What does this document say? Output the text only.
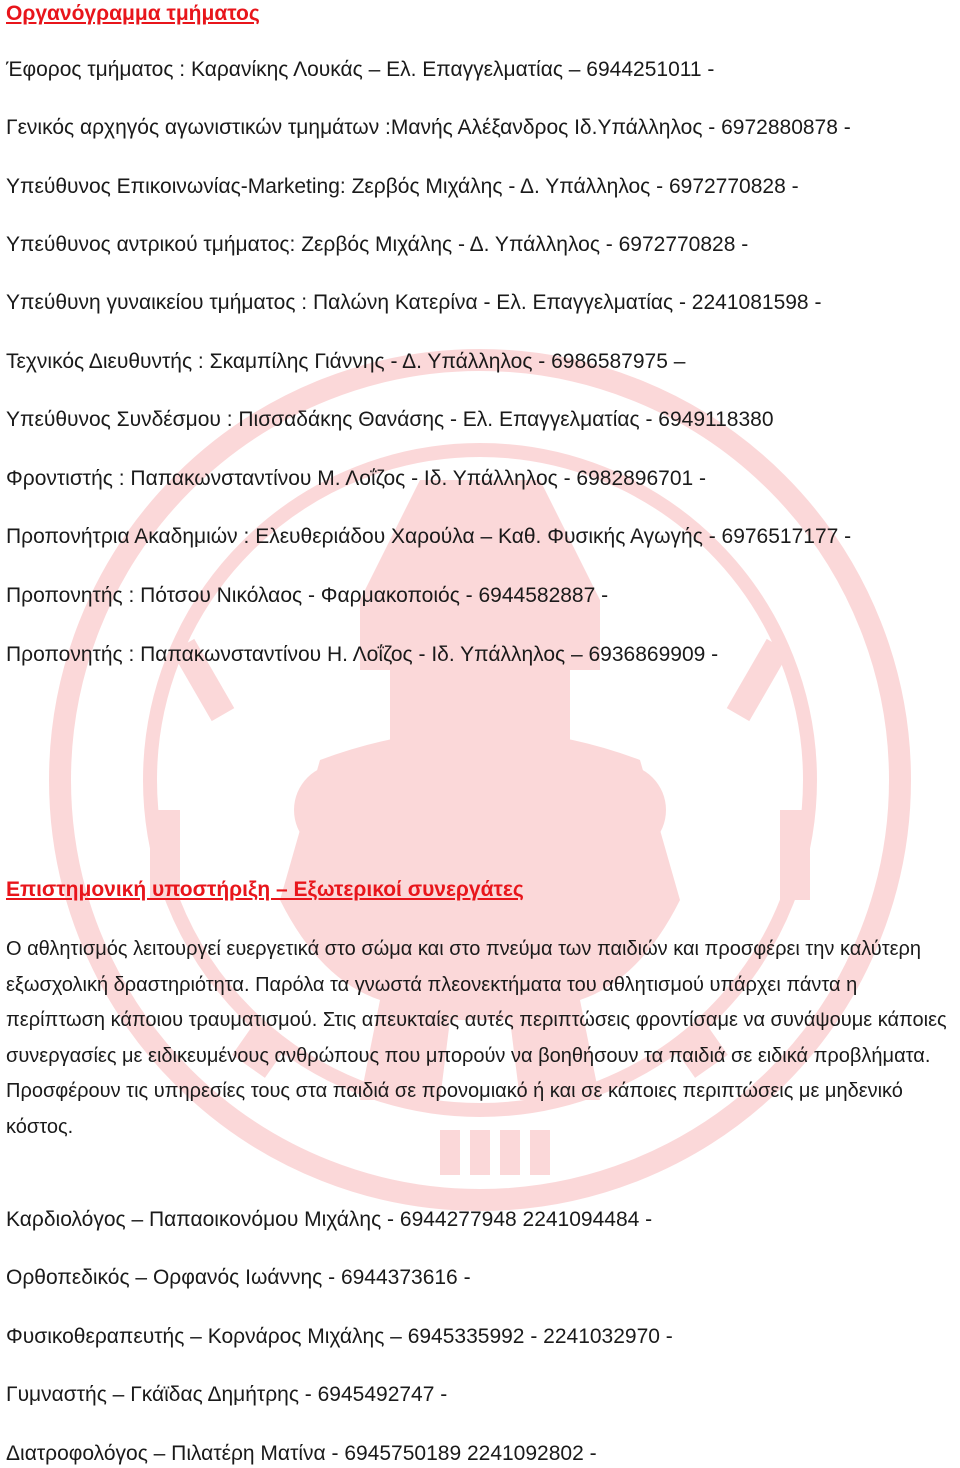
Οργανόγραμμα τμήματος
Έφορος τμήματος : Καρανίκης Λουκάς – Ελ. Επαγγελματίας – 6944251011 -
Γενικός αρχηγός αγωνιστικών τμημάτων :Μανής Αλέξανδρος Ιδ.Υπάλληλος - 6972880878 -
Υπεύθυνος Επικοινωνίας-Marketing: Ζερβός Μιχάλης - Δ. Υπάλληλος - 6972770828 -
Υπεύθυνος αντρικού τμήματος: Ζερβός Μιχάλης - Δ. Υπάλληλος - 6972770828 -
Υπεύθυνη γυναικείου τμήματος : Παλώνη Κατερίνα - Ελ. Επαγγελματίας - 2241081598 -
Τεχνικός Διευθυντής : Σκαμπίλης Γιάννης - Δ. Υπάλληλος - 6986587975 –
Υπεύθυνος Συνδέσμου : Πισσαδάκης Θανάσης - Ελ. Επαγγελματίας - 6949118380
Φροντιστής : Παπακωνσταντίνου Μ. Λοΐζος - Ιδ. Υπάλληλος - 6982896701 -
Προπονήτρια Ακαδημιών : Ελευθεριάδου Χαρούλα – Καθ. Φυσικής Αγωγής - 6976517177 -
Προπονητής : Πότσου Νικόλαος - Φαρμακοποιός - 6944582887 -
Προπονητής : Παπακωνσταντίνου Η. Λοΐζος - Ιδ. Υπάλληλος – 6936869909 -
Επιστημονική υποστήριξη – Εξωτερικοί συνεργάτες

Ο αθλητισμός λειτουργεί ευεργετικά στο σώμα και στο πνεύμα των παιδιών και προσφέρει την καλύτερη εξωσχολική δραστηριότητα. Παρόλα τα γνωστά πλεονεκτήματα του αθλητισμού υπάρχει πάντα η περίπτωση κάποιου τραυματισμού. Στις απευκταίες αυτές περιπτώσεις φροντίσαμε να συνάψουμε κάποιες συνεργασίες με ειδικευμένους ανθρώπους που μπορούν να βοηθήσουν τα παιδιά σε ειδικά προβλήματα. Προσφέρουν τις υπηρεσίες τους στα παιδιά σε προνομιακό ή και σε κάποιες περιπτώσεις με μηδενικό κόστος.

Καρδιολόγος – Παπαοικονόμου Μιχάλης - 6944277948 2241094484 -
Ορθοπεδικός – Ορφανός Ιωάννης - 6944373616 -
Φυσικοθεραπευτής – Κορνάρος Μιχάλης – 6945335992 - 2241032970 -
Γυμναστής – Γκάϊδας Δημήτρης - 6945492747 -
Διατροφολόγος – Πιλατέρη Ματίνα - 6945750189 2241092802 -
